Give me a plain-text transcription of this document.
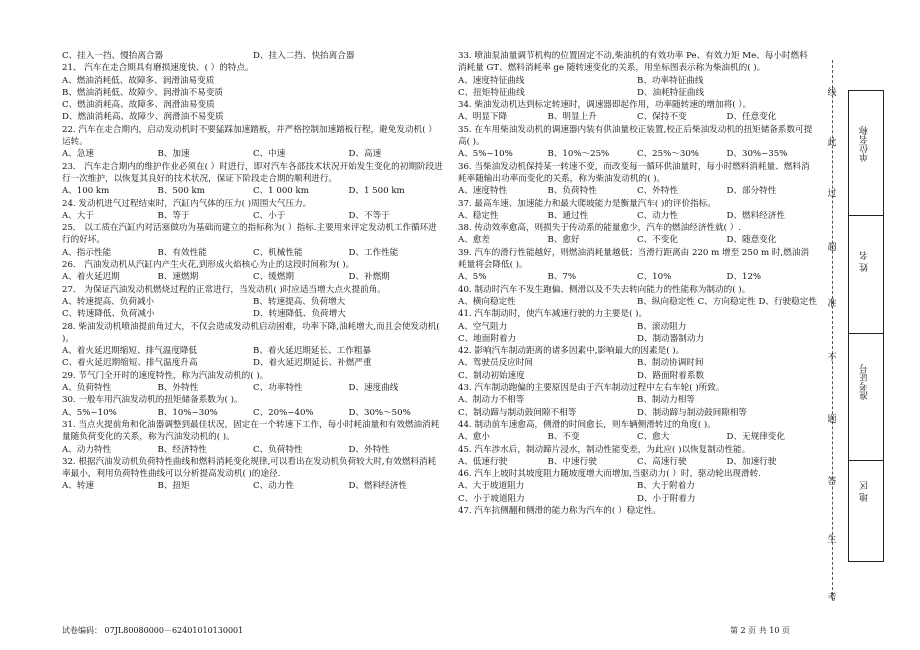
C、挂入一挡、慢抬离合器	D、挂入二挡、快抬离合器
21、 汽车在走合期具有磨损速度快、( ）的特点。
A、燃油消耗低、故障多、润滑油易变质
B、燃油消耗低、故障少、润滑油不易变质
C、燃油消耗高、故障多、润滑油易变质
D、燃油消耗高、故障少、润滑油不易变质
22. 汽车在走合期内，启动发动机时不要猛踩加速踏板，并严格控制加速踏板行程，避免发动机( ）运转。
A、急速	B、加速	C、中速	D、高速
23． 汽车走合期内的维护作业必须在( ）时进行，即对汽车各部技术状况开始发生变化的初期阶段进行一次维护，以恢复其良好的技术状况，保证下阶段走合期的顺利进行。
A、100 km	B、500 km	C、1 000 km	D、1 500 km
24. 发动机进气过程结束时，汽缸内气体的压力( )周围大气压力。
A、大于	B、等于	C、小于	D、不等于
25． 以工质在汽缸内对活塞做功为基础而建立的指标称为( ）指标.主要用来评定发动机工作循环进行的好坏。
A、指示性能	B、有效性能	C、机械性能	D、工作性能
26． 汽油发动机从汽缸内产生火花,到形成火焰核心为止的这段时间称为( )。
A、着火延迟期	B、速燃期	C、缓燃期	D、补燃期
27． 为保证汽油发动机燃烧过程的正常进行，当发动机( )时应适当增大点火提前角。
A、转速提高、负荷减小	B、转速提高、负荷增大
C、转速降低、负荷减小	D、转速降低、负荷增大
28. 柴油发动机喷油提前角过大，不仅会造成发动机启动困难，功率下降,油耗增大,而且会使发动机( )。
A、着火延迟期缩短、排气温度降低	B、着火延迟期延长、工作粗暴
C、着火延迟期缩短、排气温度升高	D、着火延迟期延长、补燃严重
29. 节气门全开时的速度特性，称为汽油发动机的( )。
A、负荷特性	B、外特性	C、功率特性	D、速度曲线
30. 一般车用汽油发动机的扭矩储备系数为( )。
A、5%~10%	B、10%~30%	C、20%~40%	D、30%～50%
31. 当点火提前角和化油器调整到最佳状况，固定在一个转速下工作，每小时耗油量和有效燃油消耗量随负荷变化的关系，称为汽油发动机的( )。
A、动力特性	B、经济特性	C、负荷特性	D、外特性
32. 根据汽油发动机负荷特性曲线和燃料消耗变化规律,可以看出在发动机负荷较大时,有效燃料消耗率最小，利用负荷特性曲线可以分析提高发动机( )的途径.
A、转速	B、扭矩	C、动力性	D、燃料经济性
33. 喷油泵油量调节机构的位置固定不动,柴油机的有效功率 Pe、有效力矩 Me、每小时燃料消耗量 GT、燃料消耗率 ge 随转速变化的关系，用坐标图表示称为柴油机的( )。
A、速度特征曲线	B、功率特征曲线
C、扭矩特征曲线	D、油耗特征曲线
34. 柴油发动机达到标定转速时，调速器即起作用，功率随转速的增加将( ）。
A、明显下降	B、明显上升	C、保持不变	D、任意变化
35. 在车用柴油发动机的调速器内装有供油量校正装置,校正后柴油发动机的扭矩储备系数可提高( )。
A、5%~10%	B、10%～25%	C、25%～30%	D、30%~35%
36. 当柴油发动机保持某一转速不变，而改变每一循环供油量时，每小时燃料消耗量、燃料消耗率随输出功率而变化的关系，称为柴油发动机的( )。
A、速度特性	B、负荷特性	C、外特性	D、部分特性
37. 最高车速、加速能力和最大爬坡能力是衡量汽车( )的评价指标。
A、稳定性	B、通过性	C、动力性	D、燃料经济性
38. 传动效率愈高，则损失于传动系的能量愈少，汽车的燃油经济性就( ）.
A、愈差	B、愈好	C、不变化	D、随意变化
39. 汽车的滑行性能越好，则燃油消耗量越低；当滑行距离由 220 m 增至 250 m 时,燃油消耗量将会降低( )。
A、5%	B、7%	C、10%	D、12%
40. 制动时汽车不发生跑偏、侧滑以及不失去转向能力的性能称为制动的( )。
A、横向稳定性	B、纵向稳定性 C、方向稳定性 D、行驶稳定性
41. 汽车制动时，使汽车减速行驶的力主要是( )。
A、空气阻力	B、滚动阻力
C、地面附着力	D、制动器制动力
42. 影响汽车制动距离的诸多因素中,影响最大的因素是( )。
A、驾驶员反应时间	B、制动协调时间
C、制动初始速度	D、路面附着系数
43. 汽车制动跑偏的主要原因是由于汽车制动过程中左右车轮( )所致。
A、制动力不相等	B、制动力相等
C、制动蹄与制动鼓间隙不相等	D、制动蹄与制动鼓间隙相等
44. 制动前车速愈高，侧滑的时间愈长，则车辆侧滑转过的角度( )。
A、愈小	B、不变	C、愈大	D、无规律变化
45. 汽车涉水后，制动蹄片浸水，制动性能变差，为此应( )以恢复制动性能。
A、低速行驶	B、中速行驶	C、高速行驶	D、加速行驶
46. 汽车上坡时其坡度阻力随坡度增大而增加,当驱动力( ）时，驱动轮出现滑转.
A、大于坡道阻力	B、大于附着力
C、小于坡道阻力	D、小于附着力
47. 汽车抗侧翻和侧滑的能力称为汽车的( ）稳定性。
试卷编码： 07JL80080000－62401010130001	第 2 页 共 10 页
考
生
答
题
不
准
超
过
此
线
单位名称
姓 名
准考证号
地 区
